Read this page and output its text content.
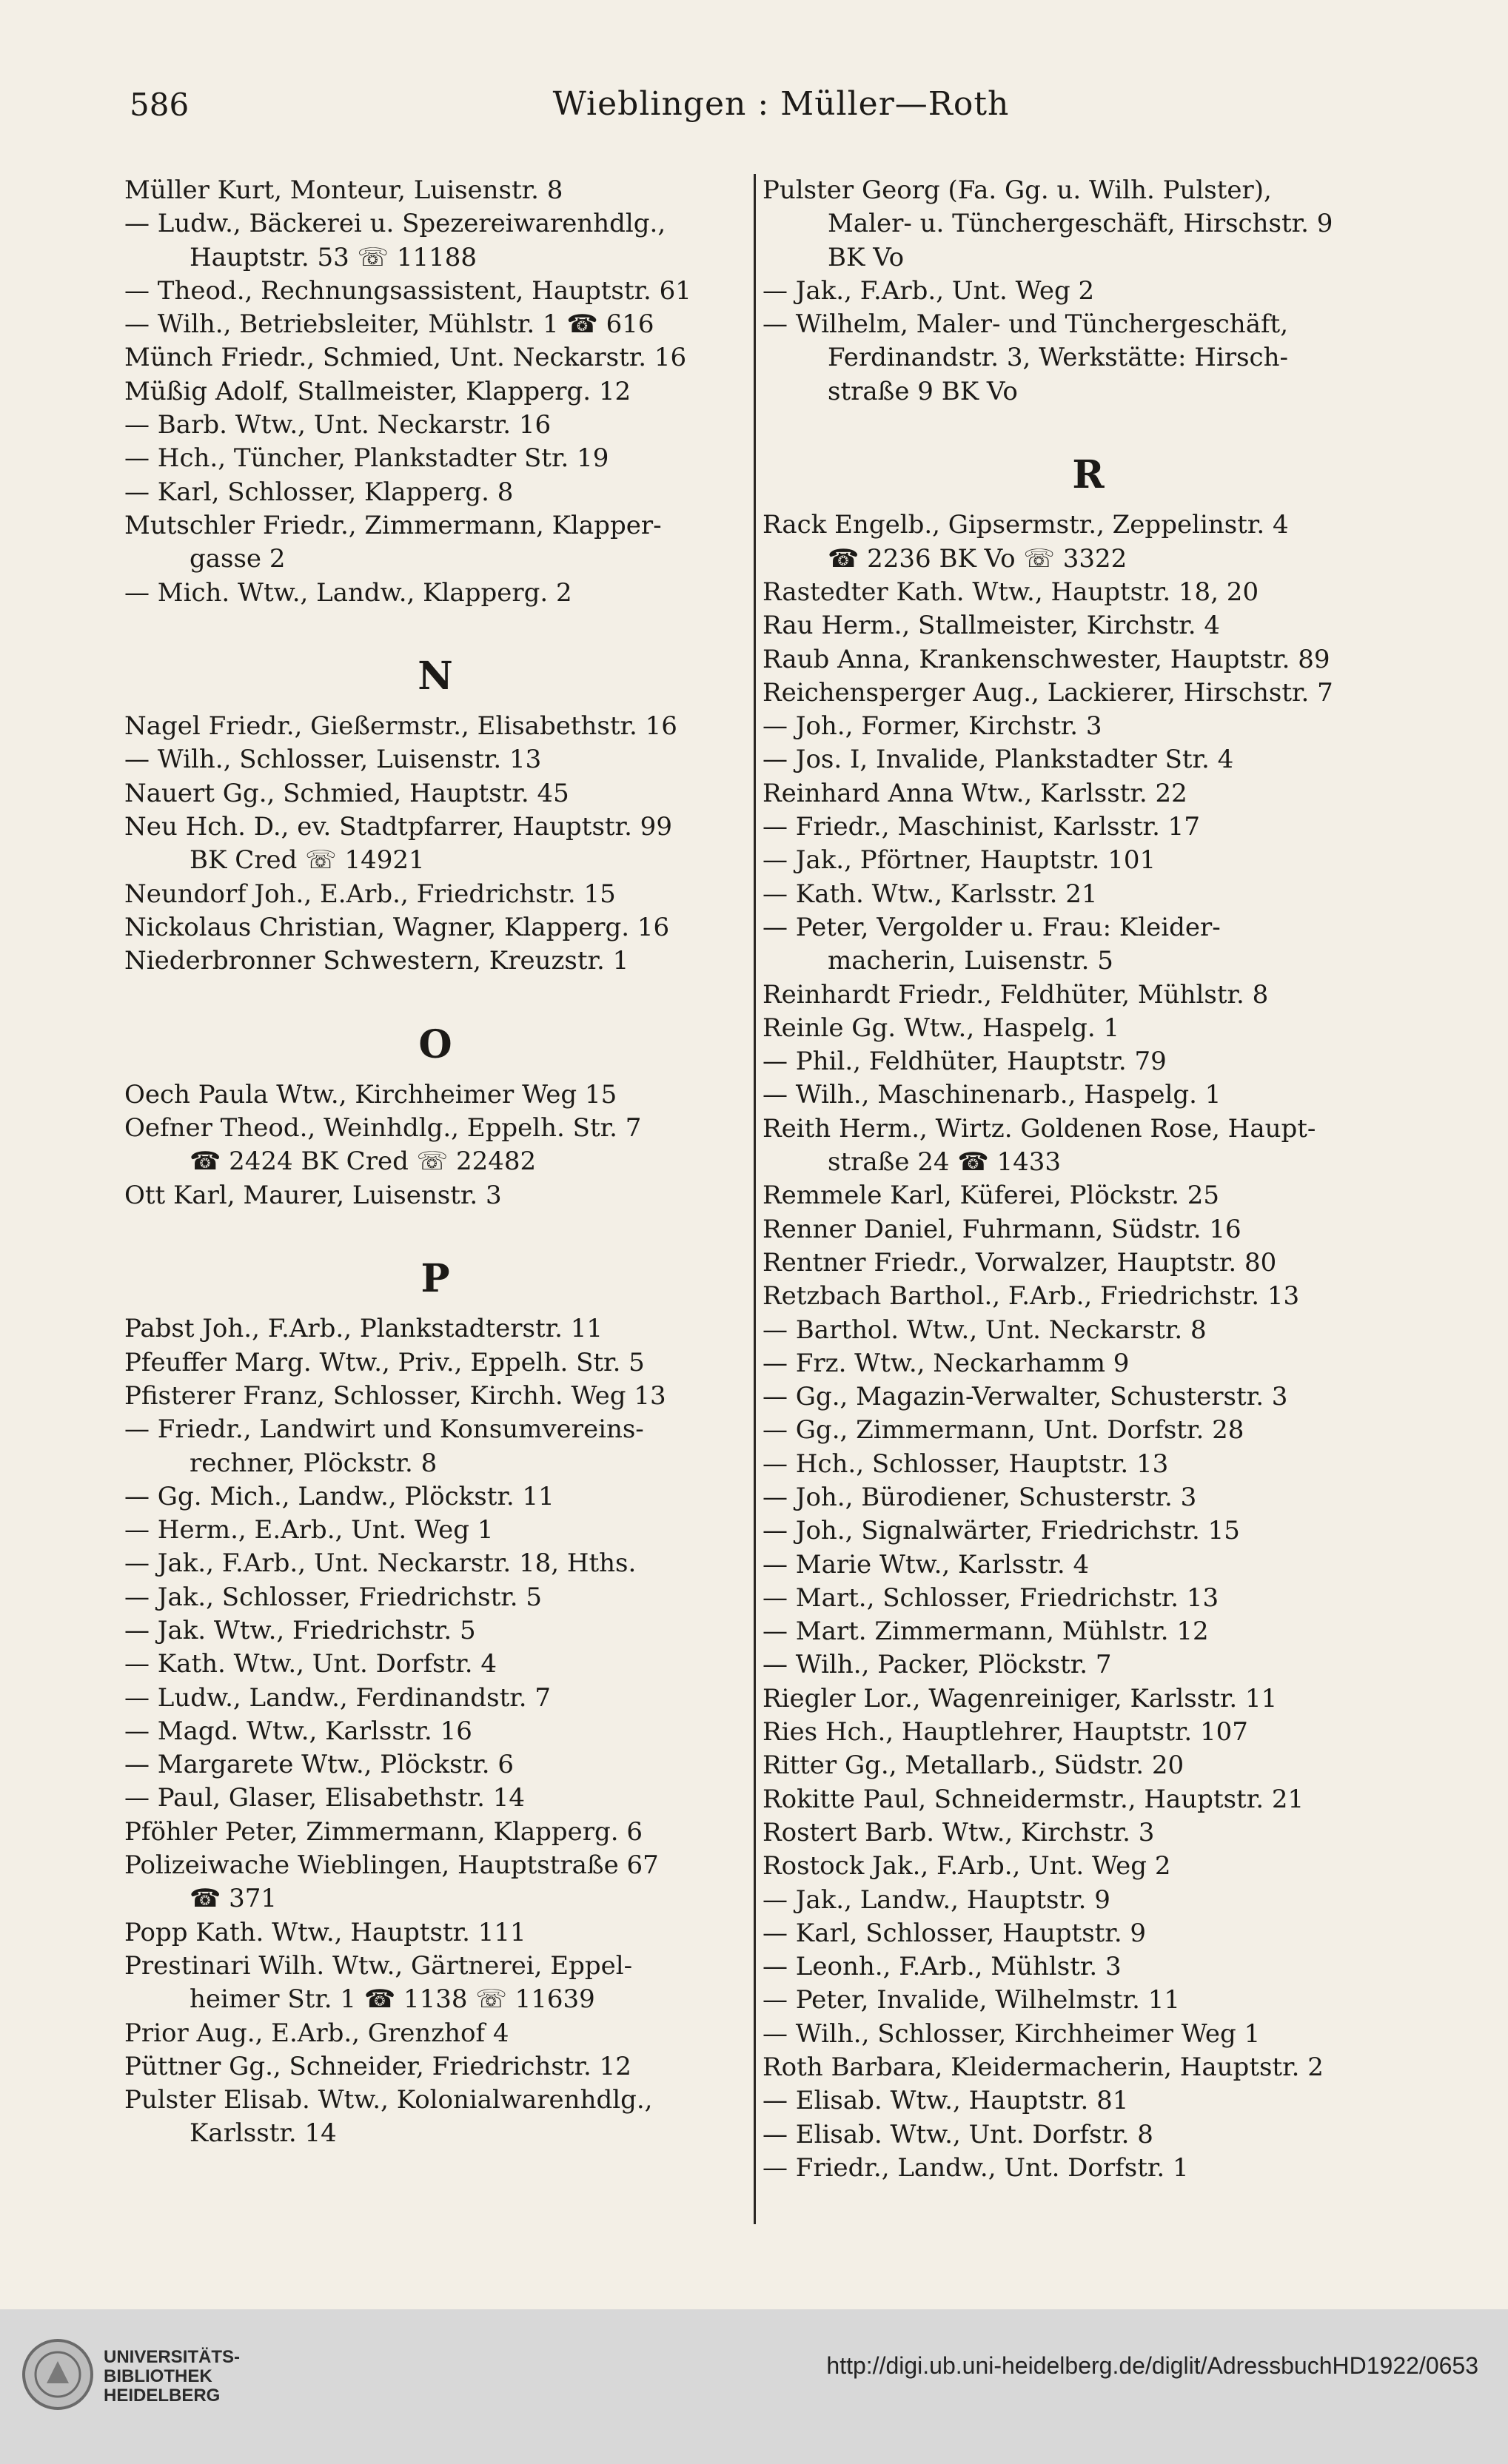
586	Wieblingen : Müller—Roth
Müller Kurt, Monteur, Luisenstr. 8
— Ludw., Bäckerei u. Spezereiwarenhdlg.,
Hauptstr. 53 ☏ 11188
— Theod., Rechnungsassistent, Hauptstr. 61
— Wilh., Betriebsleiter, Mühlstr. 1 ☎ 616
Münch Friedr., Schmied, Unt. Neckarstr. 16
Müßig Adolf, Stallmeister, Klapperg. 12
— Barb. Wtw., Unt. Neckarstr. 16
— Hch., Tüncher, Plankstadter Str. 19
— Karl, Schlosser, Klapperg. 8
Mutschler Friedr., Zimmermann, Klapper-
gasse 2
— Mich. Wtw., Landw., Klapperg. 2
N
Nagel Friedr., Gießermstr., Elisabethstr. 16
— Wilh., Schlosser, Luisenstr. 13
Nauert Gg., Schmied, Hauptstr. 45
Neu Hch. D., ev. Stadtpfarrer, Hauptstr. 99
BK Cred ☏ 14921
Neundorf Joh., E.Arb., Friedrichstr. 15
Nickolaus Christian, Wagner, Klapperg. 16
Niederbronner Schwestern, Kreuzstr. 1
O
Oech Paula Wtw., Kirchheimer Weg 15
Oefner Theod., Weinhdlg., Eppelh. Str. 7
☎ 2424 BK Cred ☏ 22482
Ott Karl, Maurer, Luisenstr. 3
P
Pabst Joh., F.Arb., Plankstadterstr. 11
Pfeuffer Marg. Wtw., Priv., Eppelh. Str. 5
Pfisterer Franz, Schlosser, Kirchh. Weg 13
— Friedr., Landwirt und Konsumvereins-
rechner, Plöckstr. 8
— Gg. Mich., Landw., Plöckstr. 11
— Herm., E.Arb., Unt. Weg 1
— Jak., F.Arb., Unt. Neckarstr. 18, Hths.
— Jak., Schlosser, Friedrichstr. 5
— Jak. Wtw., Friedrichstr. 5
— Kath. Wtw., Unt. Dorfstr. 4
— Ludw., Landw., Ferdinandstr. 7
— Magd. Wtw., Karlsstr. 16
— Margarete Wtw., Plöckstr. 6
— Paul, Glaser, Elisabethstr. 14
Pföhler Peter, Zimmermann, Klapperg. 6
Polizeiwache Wieblingen, Hauptstraße 67
☎ 371
Popp Kath. Wtw., Hauptstr. 111
Prestinari Wilh. Wtw., Gärtnerei, Eppel-
heimer Str. 1 ☎ 1138 ☏ 11639
Prior Aug., E.Arb., Grenzhof 4
Püttner Gg., Schneider, Friedrichstr. 12
Pulster Elisab. Wtw., Kolonialwarenhdlg.,
Karlsstr. 14
Pulster Georg (Fa. Gg. u. Wilh. Pulster),
Maler- u. Tünchergeschäft, Hirschstr. 9
BK Vo
— Jak., F.Arb., Unt. Weg 2
— Wilhelm, Maler- und Tünchergeschäft,
Ferdinandstr. 3, Werkstätte: Hirsch-
straße 9 BK Vo
R
Rack Engelb., Gipsermstr., Zeppelinstr. 4
☎ 2236 BK Vo ☏ 3322
Rastedter Kath. Wtw., Hauptstr. 18, 20
Rau Herm., Stallmeister, Kirchstr. 4
Raub Anna, Krankenschwester, Hauptstr. 89
Reichensperger Aug., Lackierer, Hirschstr. 7
— Joh., Former, Kirchstr. 3
— Jos. I, Invalide, Plankstadter Str. 4
Reinhard Anna Wtw., Karlsstr. 22
— Friedr., Maschinist, Karlsstr. 17
— Jak., Pförtner, Hauptstr. 101
— Kath. Wtw., Karlsstr. 21
— Peter, Vergolder u. Frau: Kleider-
macherin, Luisenstr. 5
Reinhardt Friedr., Feldhüter, Mühlstr. 8
Reinle Gg. Wtw., Haspelg. 1
— Phil., Feldhüter, Hauptstr. 79
— Wilh., Maschinenarb., Haspelg. 1
Reith Herm., Wirtz. Goldenen Rose, Haupt-
straße 24 ☎ 1433
Remmele Karl, Küferei, Plöckstr. 25
Renner Daniel, Fuhrmann, Südstr. 16
Rentner Friedr., Vorwalzer, Hauptstr. 80
Retzbach Barthol., F.Arb., Friedrichstr. 13
— Barthol. Wtw., Unt. Neckarstr. 8
— Frz. Wtw., Neckarhamm 9
— Gg., Magazin-Verwalter, Schusterstr. 3
— Gg., Zimmermann, Unt. Dorfstr. 28
— Hch., Schlosser, Hauptstr. 13
— Joh., Bürodiener, Schusterstr. 3
— Joh., Signalwärter, Friedrichstr. 15
— Marie Wtw., Karlsstr. 4
— Mart., Schlosser, Friedrichstr. 13
— Mart. Zimmermann, Mühlstr. 12
— Wilh., Packer, Plöckstr. 7
Riegler Lor., Wagenreiniger, Karlsstr. 11
Ries Hch., Hauptlehrer, Hauptstr. 107
Ritter Gg., Metallarb., Südstr. 20
Rokitte Paul, Schneidermstr., Hauptstr. 21
Rostert Barb. Wtw., Kirchstr. 3
Rostock Jak., F.Arb., Unt. Weg 2
— Jak., Landw., Hauptstr. 9
— Karl, Schlosser, Hauptstr. 9
— Leonh., F.Arb., Mühlstr. 3
— Peter, Invalide, Wilhelmstr. 11
— Wilh., Schlosser, Kirchheimer Weg 1
Roth Barbara, Kleidermacherin, Hauptstr. 2
— Elisab. Wtw., Hauptstr. 81
— Elisab. Wtw., Unt. Dorfstr. 8
— Friedr., Landw., Unt. Dorfstr. 1
UNIVERSITÄTS-
BIBLIOTHEK
HEIDELBERG
http://digi.ub.uni-heidelberg.de/diglit/AdressbuchHD1922/0653
